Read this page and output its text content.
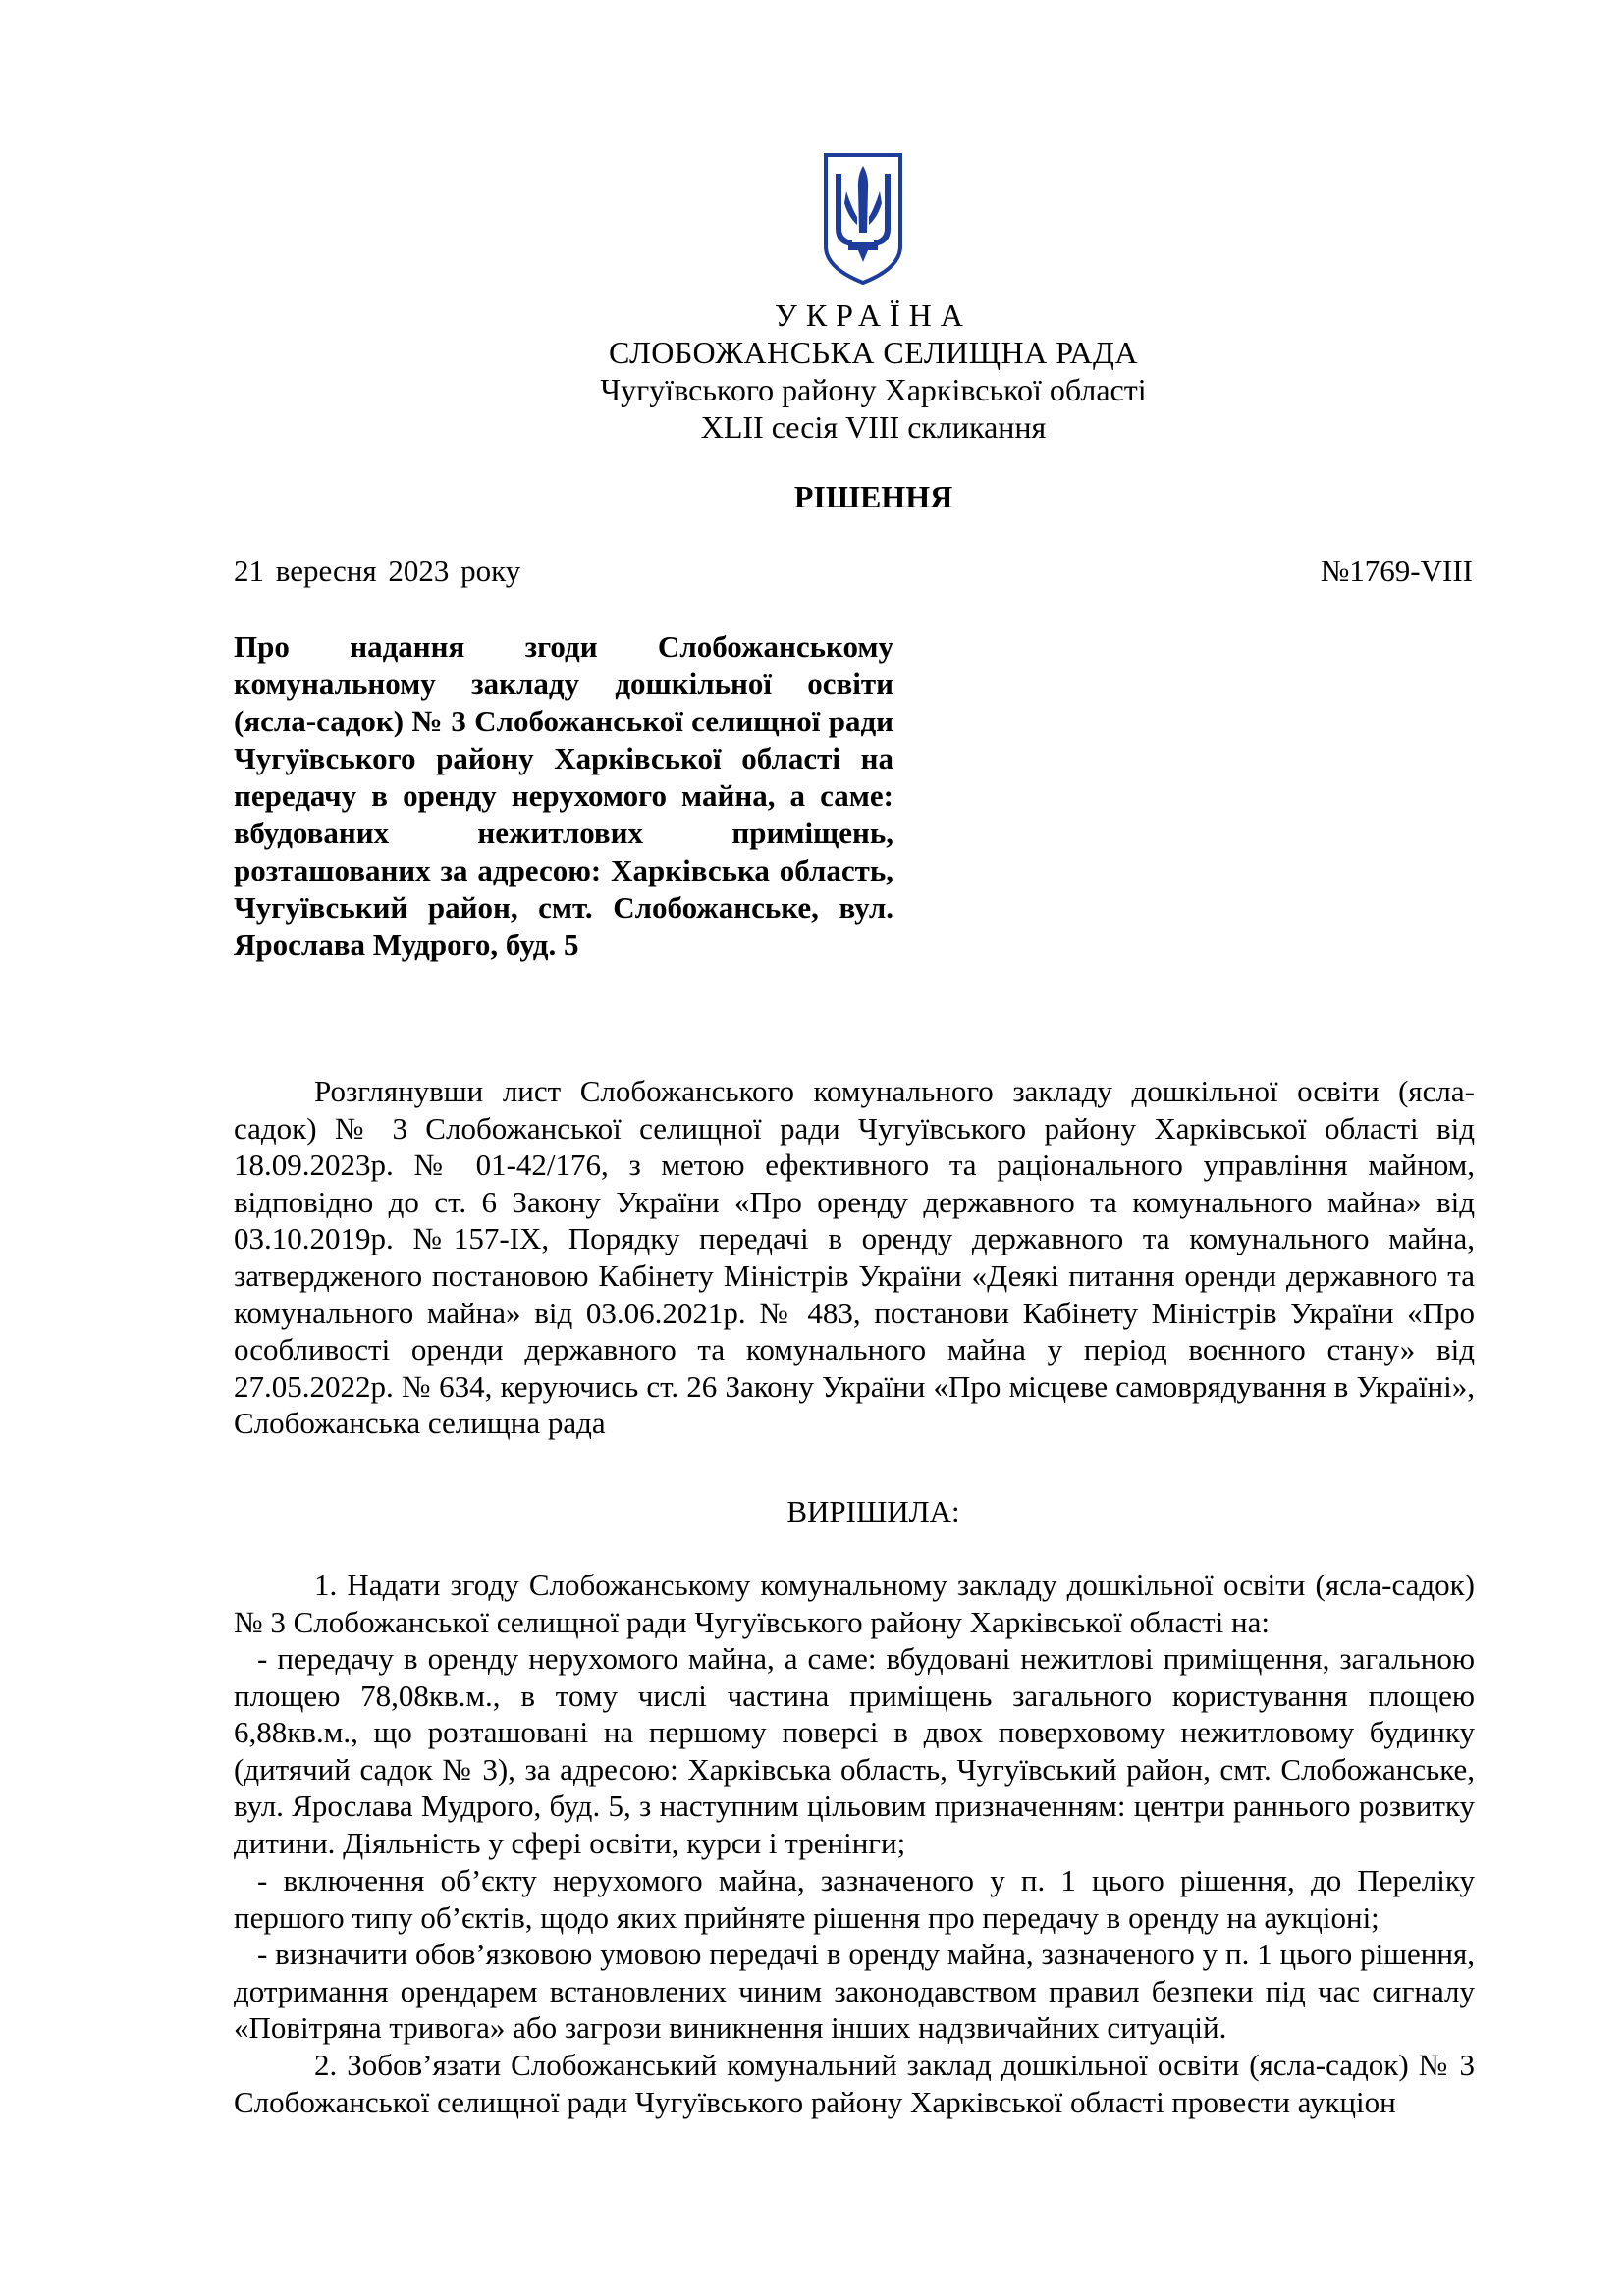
УКРАЇНА
СЛОБОЖАНСЬКА СЕЛИЩНА РАДА
Чугуївського району Харківської області
XLII сесія VIII скликання
РІШЕННЯ
21 вересня 2023 року	№1769-VIII

Про надання згоди Слобожанському комунальному закладу дошкільної освіти (ясла-садок) № 3 Слобожанської селищної ради Чугуївського району Харківської області на передачу в оренду нерухомого майна, а саме: вбудованих нежитлових приміщень, розташованих за адресою: Харківська область, Чугуївський район, смт. Слобожанське, вул. Ярослава Мудрого, буд. 5

Розглянувши лист Слобожанського комунального закладу дошкільної освіти (ясла-садок) № 3 Слобожанської селищної ради Чугуївського району Харківської області від 18.09.2023р. № 01-42/176, з метою ефективного та раціонального управління майном, відповідно до ст. 6 Закону України «Про оренду державного та комунального майна» від 03.10.2019р. №157-IX, Порядку передачі в оренду державного та комунального майна, затвердженого постановою Кабінету Міністрів України «Деякі питання оренди державного та комунального майна» від 03.06.2021р. № 483, постанови Кабінету Міністрів України «Про особливості оренди державного та комунального майна у період воєнного стану» від 27.05.2022р. № 634, керуючись ст. 26 Закону України «Про місцеве самоврядування в Україні», Слобожанська селищна рада

ВИРІШИЛА:

1. Надати згоду Слобожанському комунальному закладу дошкільної освіти (ясла-садок) № 3 Слобожанської селищної ради Чугуївського району Харківської області на:

- передачу в оренду нерухомого майна, а саме: вбудовані нежитлові приміщення, загальною площею 78,08кв.м., в тому числі частина приміщень загального користування площею 6,88кв.м., що розташовані на першому поверсі в двох поверховому нежитловому будинку (дитячий садок № 3), за адресою: Харківська область, Чугуївський район, смт. Слобожанське, вул. Ярослава Мудрого, буд. 5, з наступним цільовим призначенням: центри раннього розвитку дитини. Діяльність у сфері освіти, курси і тренінги;

- включення об’єкту нерухомого майна, зазначеного у п. 1 цього рішення, до Переліку першого типу об’єктів, щодо яких прийняте рішення про передачу в оренду на аукціоні;

- визначити обов’язковою умовою передачі в оренду майна, зазначеного у п. 1 цього рішення, дотримання орендарем встановлених чиним законодавством правил безпеки під час сигналу «Повітряна тривога» або загрози виникнення інших надзвичайних ситуацій.

2. Зобов’язати Слобожанський комунальний заклад дошкільної освіти (ясла-садок) № 3 Слобожанської селищної ради Чугуївського району Харківської області провести аукціон
